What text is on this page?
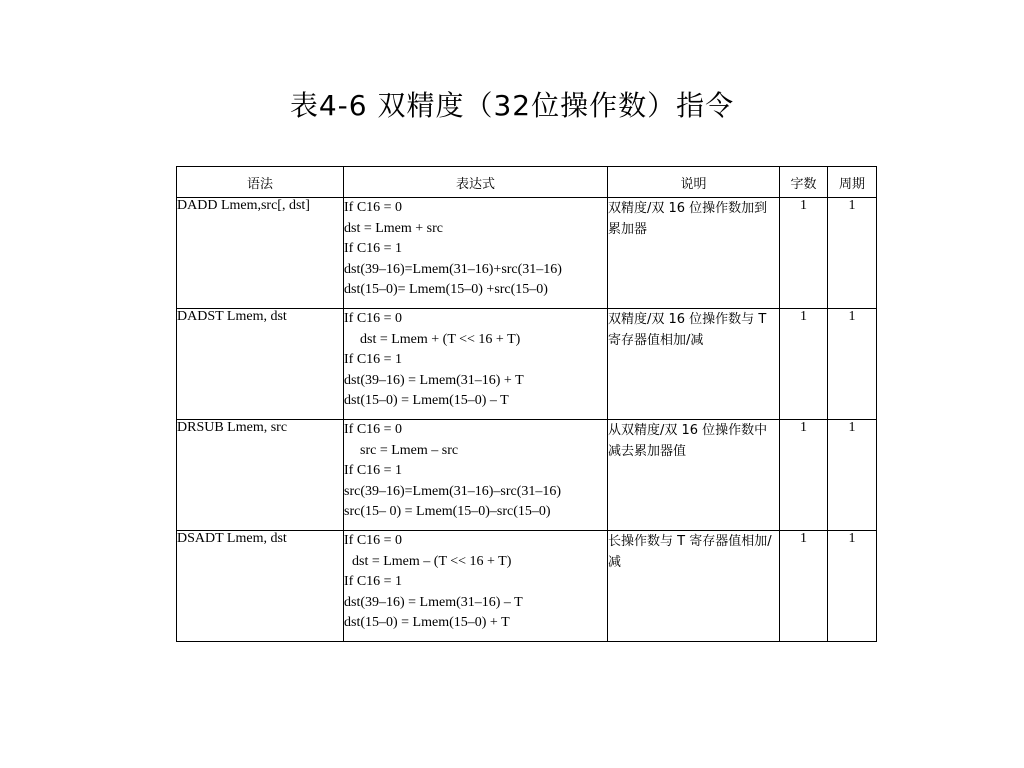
表4-6 双精度（32位操作数）指令
语法	表达式	说明	字数	周期
DADD Lmem,src[, dst]	If C16 = 0
dst = Lmem + src
If C16 = 1
dst(39–16)=Lmem(31–16)+src(31–16)
dst(15–0)= Lmem(15–0) +src(15–0)	双精度/双 16 位操作数加到累加器	1	1
DADST Lmem, dst	If C16 = 0
dst = Lmem + (T << 16 + T)
If C16 = 1
dst(39–16) = Lmem(31–16) + T
dst(15–0) = Lmem(15–0) – T	双精度/双 16 位操作数与 T 寄存器值相加/减	1	1
DRSUB Lmem, src	If C16 = 0
src = Lmem – src
If C16 = 1
src(39–16)=Lmem(31–16)–src(31–16)
src(15– 0) = Lmem(15–0)–src(15–0)	从双精度/双 16 位操作数中减去累加器值	1	1
DSADT Lmem, dst	If C16 = 0
dst = Lmem – (T << 16 + T)
If C16 = 1
dst(39–16) = Lmem(31–16) – T
dst(15–0) = Lmem(15–0) + T	长操作数与 T 寄存器值相加/减	1	1
